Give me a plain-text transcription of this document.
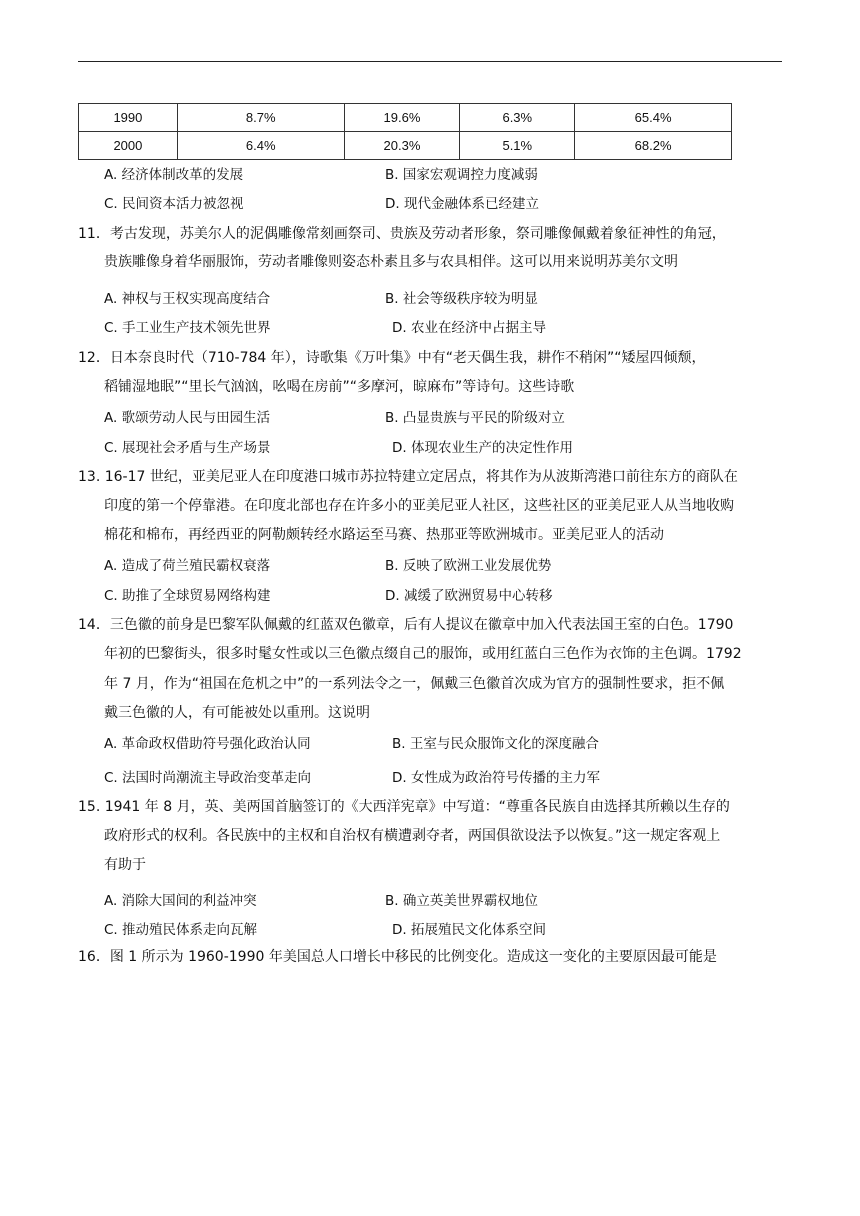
1990	8.7%	19.6%	6.3%	65.4%
2000	6.4%	20.3%	5.1%	68.2%
A. 经济体制改革的发展	B. 国家宏观调控力度减弱
C. 民间资本活力被忽视	D. 现代金融体系已经建立
11．考古发现，苏美尔人的泥偶雕像常刻画祭司、贵族及劳动者形象，祭司雕像佩戴着象征神性的角冠，
贵族雕像身着华丽服饰，劳动者雕像则姿态朴素且多与农具相伴。这可以用来说明苏美尔文明
A. 神权与王权实现高度结合	B. 社会等级秩序较为明显
C. 手工业生产技术领先世界	D. 农业在经济中占据主导
12．日本奈良时代（710-784 年），诗歌集《万叶集》中有“老天偶生我，耕作不稍闲”“矮屋四倾颓，
稻铺湿地眠”“里长气汹汹，吆喝在房前”“多摩河，晾麻布”等诗句。这些诗歌
A. 歌颂劳动人民与田园生活	B. 凸显贵族与平民的阶级对立
C. 展现社会矛盾与生产场景	D. 体现农业生产的决定性作用
13. 16-17 世纪，亚美尼亚人在印度港口城市苏拉特建立定居点，将其作为从波斯湾港口前往东方的商队在
印度的第一个停靠港。在印度北部也存在许多小的亚美尼亚人社区，这些社区的亚美尼亚人从当地收购
棉花和棉布，再经西亚的阿勒颇转经水路运至马赛、热那亚等欧洲城市。亚美尼亚人的活动
A. 造成了荷兰殖民霸权衰落	B. 反映了欧洲工业发展优势
C. 助推了全球贸易网络构建	D. 减缓了欧洲贸易中心转移
14．三色徽的前身是巴黎军队佩戴的红蓝双色徽章，后有人提议在徽章中加入代表法国王室的白色。1790
年初的巴黎街头，很多时髦女性或以三色徽点缀自己的服饰，或用红蓝白三色作为衣饰的主色调。1792
年 7 月，作为“祖国在危机之中”的一系列法令之一，佩戴三色徽首次成为官方的强制性要求，拒不佩
戴三色徽的人，有可能被处以重刑。这说明
A. 革命政权借助符号强化政治认同	B. 王室与民众服饰文化的深度融合
C. 法国时尚潮流主导政治变革走向	D. 女性成为政治符号传播的主力军
15. 1941 年 8 月，英、美两国首脑签订的《大西洋宪章》中写道：“尊重各民族自由选择其所赖以生存的
政府形式的权利。各民族中的主权和自治权有横遭剥夺者，两国俱欲设法予以恢复。”这一规定客观上
有助于
A. 消除大国间的利益冲突	B. 确立英美世界霸权地位
C. 推动殖民体系走向瓦解	D. 拓展殖民文化体系空间
16．图 1 所示为 1960-1990 年美国总人口增长中移民的比例变化。造成这一变化的主要原因最可能是
